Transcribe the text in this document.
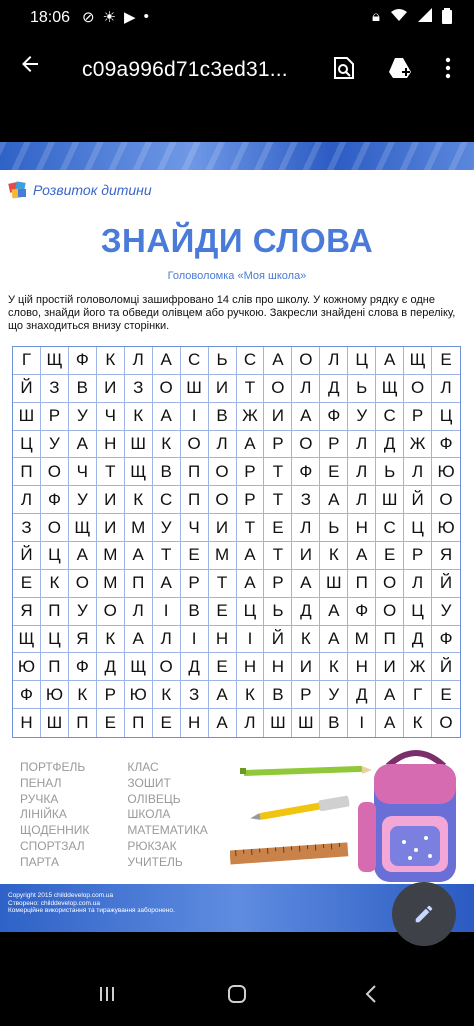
18:06 ⊘ ☀ ▶ •	🔒︎
c09a996d71c3ed31...
Розвиток дитини
ЗНАЙДИ СЛОВА
Головоломка «Моя школа»
У цій простій головоломці зашифровано 14 слів про школу. У кожному рядку є одне слово, знайди його та обведи олівцем або ручкою. Закресли знайдені слова в переліку, що знаходиться внизу сторінки.
Г Щ Ф К	Л А С Ь С А О Л Ц А Щ Е
Й З	В И З О Ш И Т О Л Д Ь Щ О Л
Ш Р У Ч	К	А	І	В Ж И А Ф У С Р Ц
Ц У А Н Ш К О Л А Р О Р Л Д Ж Ф
П О Ч	Т Щ В П О Р	Т Ф Е Л Ь Л Ю
Л Ф У И К С П О Р	Т	З	А Л Ш Й О
З О Щ И М У Ч И Т	Е Л Ь Н С Ц Ю
Й Ц А М А	Т	Е М А	Т И К	А Е Р Я
Е	К О М П А Р	Т	А Р А Ш П О Л Й
Я П У О Л	І	В Е Ц Ь Д А Ф О Ц У
Щ Ц Я К	А Л	І	Н	І	Й К	А М П Д Ф
Ю П Ф Д Щ О Д Е Н Н И К Н И Ж Й
Ф Ю К	Р Ю К	З	А	К	В Р У Д А	Г	Е
Н Ш П Е П Е Н А Л Ш Ш В	І	А	К О
ПОРТФЕЛЬ
ПЕНАЛ
РУЧКА
ЛІНІЙКА
ЩОДЕННИК
СПОРТЗАЛ
ПАРТА
КЛАС
ЗОШИТ
ОЛІВЕЦЬ
ШКОЛА
МАТЕМАТИКА
РЮКЗАК
УЧИТЕЛЬ
Copyright 2015 childdevelop.com.ua
Створено: childdevelop.com.ua
Комерційне використання та тиражування заборонено.
